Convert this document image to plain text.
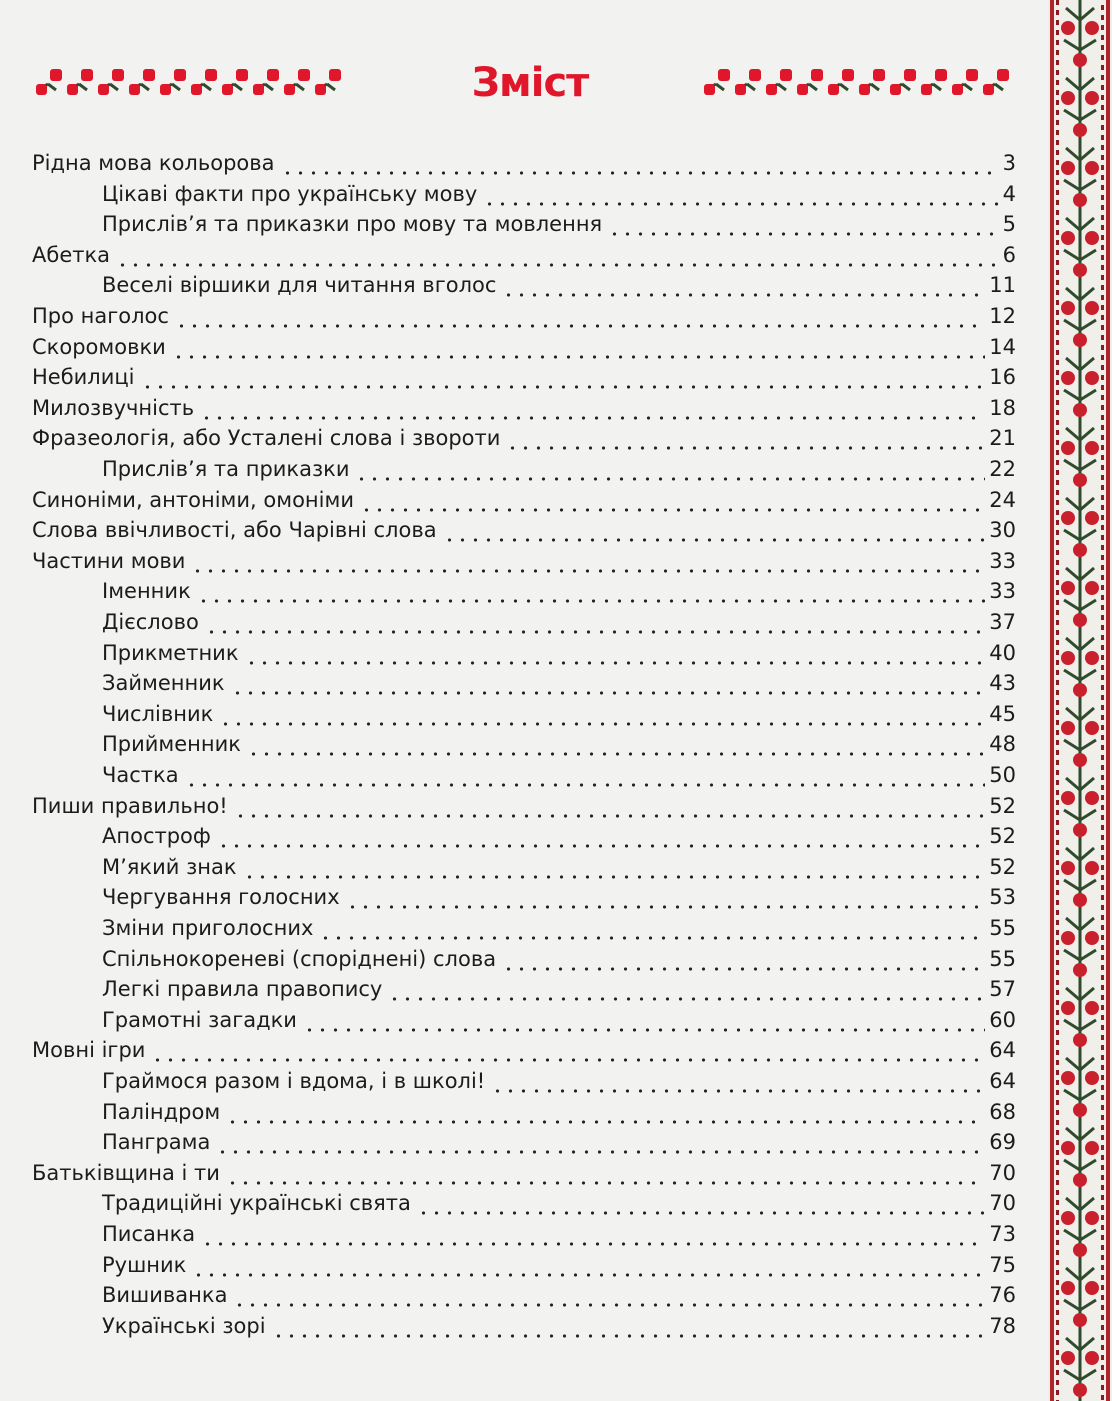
Зміст
Рідна мова кольорова	3
Цікаві факти про українську мову	4
Прислів’я та приказки про мову та мовлення	5
Абетка	6
Веселі віршики для читання вголос	11
Про наголос	12
Скоромовки	14
Небилиці	16
Милозвучність	18
Фразеологія, або Усталені слова і звороти	21
Прислів’я та приказки	22
Синоніми, антоніми, омоніми	24
Слова ввічливості, або Чарівні слова	30
Частини мови	33
Іменник	33
Дієслово	37
Прикметник	40
Займенник	43
Числівник	45
Прийменник	48
Частка	50
Пиши правильно!	52
Апостроф	52
М’який знак	52
Чергування голосних	53
Зміни приголосних	55
Спільнокореневі (споріднені) слова	55
Легкі правила правопису	57
Грамотні загадки	60
Мовні ігри	64
Граймося разом і вдома, і в школі!	64
Паліндром	68
Панграма	69
Батьківщина і ти	70
Традиційні українські свята	70
Писанка	73
Рушник	75
Вишиванка	76
Українські зорі	78
